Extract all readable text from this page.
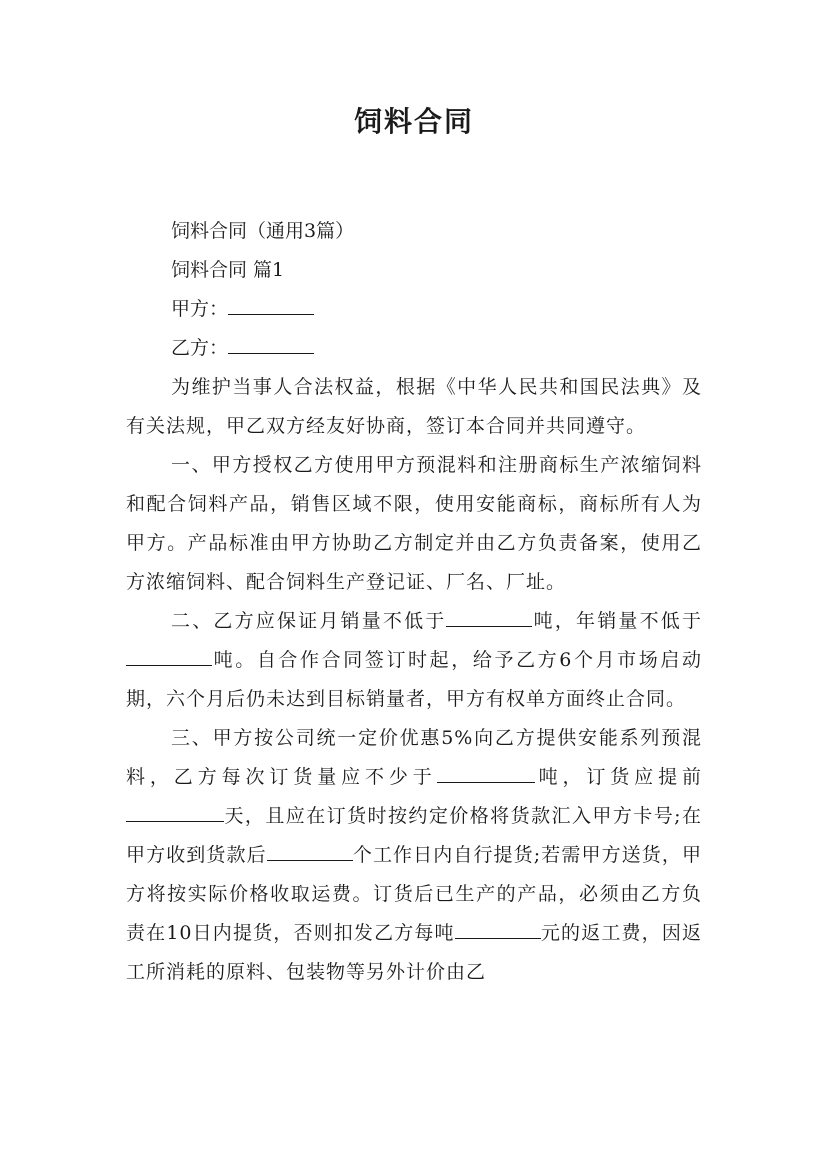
饲料合同

饲料合同（通用3篇）

饲料合同 篇1

甲方：

乙方：

为维护当事人合法权益，根据《中华人民共和国民法典》及有关法规，甲乙双方经友好协商，签订本合同并共同遵守。

一、甲方授权乙方使用甲方预混料和注册商标生产浓缩饲料和配合饲料产品，销售区域不限，使用安能商标，商标所有人为甲方。产品标准由甲方协助乙方制定并由乙方负责备案，使用乙方浓缩饲料、配合饲料生产登记证、厂名、厂址。

二、乙方应保证月销量不低于	吨，年销量不低于吨。自合作合同签订时起，给予乙方6个月市场启动期，六个月后仍未达到目标销量者，甲方有权单方面终止合同。

三、甲方按公司统一定价优惠5%向乙方提供安能系列预混料，乙方每次订货量应不少于	吨，订货应提前天，且应在订货时按约定价格将货款汇入甲方卡号;在甲方收到货款后	个工作日内自行提货;若需甲方送货，甲方将按实际价格收取运费。订货后已生产的产品，必须由乙方负责在10日内提货，否则扣发乙方每吨	元的返工费，因返工所消耗的原料、包装物等另外计价由乙
